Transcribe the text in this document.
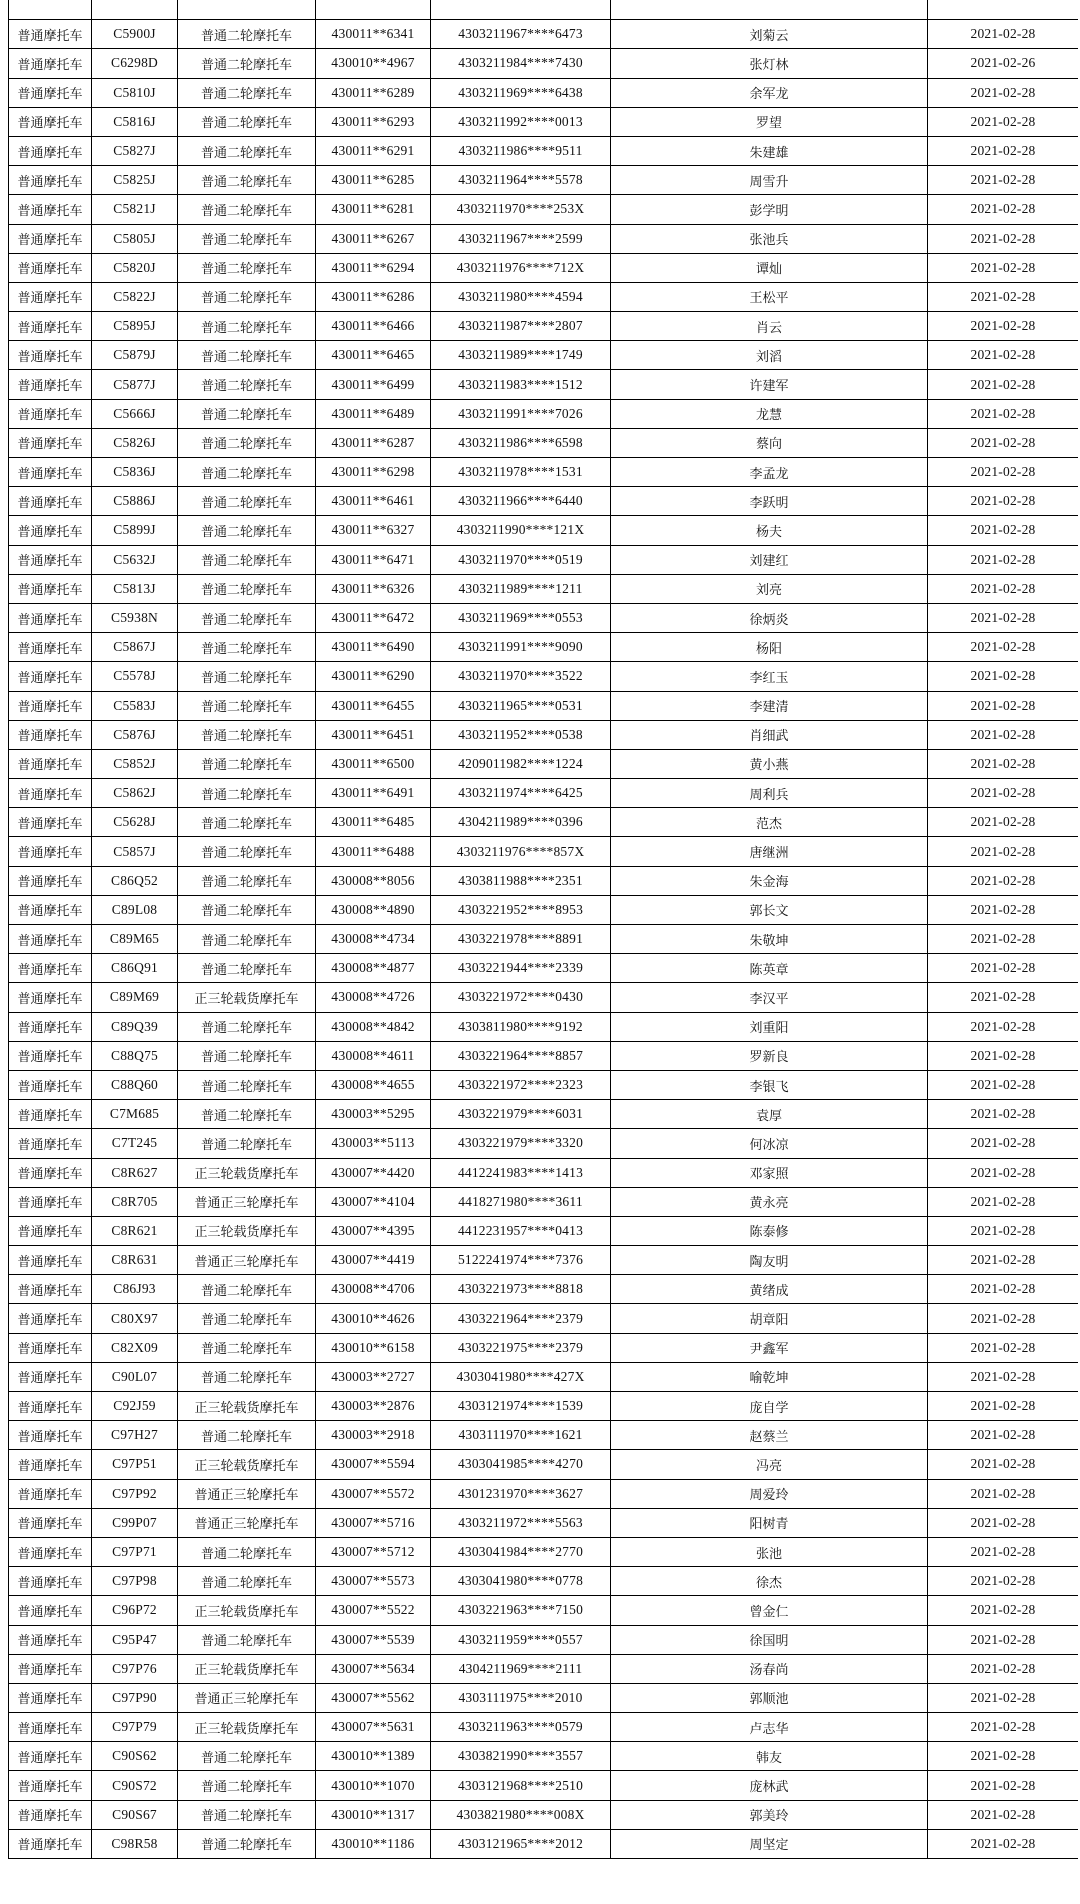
普通摩托车	C5900J	普通二轮摩托车	430011**6341	4303211967****6473	刘菊云	2021-02-28
普通摩托车	C6298D	普通二轮摩托车	430010**4967	4303211984****7430	张灯林	2021-02-26
普通摩托车	C5810J	普通二轮摩托车	430011**6289	4303211969****6438	余军龙	2021-02-28
普通摩托车	C5816J	普通二轮摩托车	430011**6293	4303211992****0013	罗望	2021-02-28
普通摩托车	C5827J	普通二轮摩托车	430011**6291	4303211986****9511	朱建雄	2021-02-28
普通摩托车	C5825J	普通二轮摩托车	430011**6285	4303211964****5578	周雪升	2021-02-28
普通摩托车	C5821J	普通二轮摩托车	430011**6281	4303211970****253X	彭学明	2021-02-28
普通摩托车	C5805J	普通二轮摩托车	430011**6267	4303211967****2599	张池兵	2021-02-28
普通摩托车	C5820J	普通二轮摩托车	430011**6294	4303211976****712X	谭灿	2021-02-28
普通摩托车	C5822J	普通二轮摩托车	430011**6286	4303211980****4594	王松平	2021-02-28
普通摩托车	C5895J	普通二轮摩托车	430011**6466	4303211987****2807	肖云	2021-02-28
普通摩托车	C5879J	普通二轮摩托车	430011**6465	4303211989****1749	刘滔	2021-02-28
普通摩托车	C5877J	普通二轮摩托车	430011**6499	4303211983****1512	许建军	2021-02-28
普通摩托车	C5666J	普通二轮摩托车	430011**6489	4303211991****7026	龙慧	2021-02-28
普通摩托车	C5826J	普通二轮摩托车	430011**6287	4303211986****6598	蔡向	2021-02-28
普通摩托车	C5836J	普通二轮摩托车	430011**6298	4303211978****1531	李孟龙	2021-02-28
普通摩托车	C5886J	普通二轮摩托车	430011**6461	4303211966****6440	李跃明	2021-02-28
普通摩托车	C5899J	普通二轮摩托车	430011**6327	4303211990****121X	杨夫	2021-02-28
普通摩托车	C5632J	普通二轮摩托车	430011**6471	4303211970****0519	刘建红	2021-02-28
普通摩托车	C5813J	普通二轮摩托车	430011**6326	4303211989****1211	刘亮	2021-02-28
普通摩托车	C5938N	普通二轮摩托车	430011**6472	4303211969****0553	徐炳炎	2021-02-28
普通摩托车	C5867J	普通二轮摩托车	430011**6490	4303211991****9090	杨阳	2021-02-28
普通摩托车	C5578J	普通二轮摩托车	430011**6290	4303211970****3522	李红玉	2021-02-28
普通摩托车	C5583J	普通二轮摩托车	430011**6455	4303211965****0531	李建清	2021-02-28
普通摩托车	C5876J	普通二轮摩托车	430011**6451	4303211952****0538	肖细武	2021-02-28
普通摩托车	C5852J	普通二轮摩托车	430011**6500	4209011982****1224	黄小燕	2021-02-28
普通摩托车	C5862J	普通二轮摩托车	430011**6491	4303211974****6425	周利兵	2021-02-28
普通摩托车	C5628J	普通二轮摩托车	430011**6485	4304211989****0396	范杰	2021-02-28
普通摩托车	C5857J	普通二轮摩托车	430011**6488	4303211976****857X	唐继洲	2021-02-28
普通摩托车	C86Q52	普通二轮摩托车	430008**8056	4303811988****2351	朱金海	2021-02-28
普通摩托车	C89L08	普通二轮摩托车	430008**4890	4303221952****8953	郭长文	2021-02-28
普通摩托车	C89M65	普通二轮摩托车	430008**4734	4303221978****8891	朱敬坤	2021-02-28
普通摩托车	C86Q91	普通二轮摩托车	430008**4877	4303221944****2339	陈英章	2021-02-28
普通摩托车	C89M69	正三轮载货摩托车	430008**4726	4303221972****0430	李汉平	2021-02-28
普通摩托车	C89Q39	普通二轮摩托车	430008**4842	4303811980****9192	刘重阳	2021-02-28
普通摩托车	C88Q75	普通二轮摩托车	430008**4611	4303221964****8857	罗新良	2021-02-28
普通摩托车	C88Q60	普通二轮摩托车	430008**4655	4303221972****2323	李银飞	2021-02-28
普通摩托车	C7M685	普通二轮摩托车	430003**5295	4303221979****6031	袁厚	2021-02-28
普通摩托车	C7T245	普通二轮摩托车	430003**5113	4303221979****3320	何冰凉	2021-02-28
普通摩托车	C8R627	正三轮载货摩托车	430007**4420	4412241983****1413	邓家照	2021-02-28
普通摩托车	C8R705	普通正三轮摩托车	430007**4104	4418271980****3611	黄永亮	2021-02-28
普通摩托车	C8R621	正三轮载货摩托车	430007**4395	4412231957****0413	陈泰修	2021-02-28
普通摩托车	C8R631	普通正三轮摩托车	430007**4419	5122241974****7376	陶友明	2021-02-28
普通摩托车	C86J93	普通二轮摩托车	430008**4706	4303221973****8818	黄绪成	2021-02-28
普通摩托车	C80X97	普通二轮摩托车	430010**4626	4303221964****2379	胡章阳	2021-02-28
普通摩托车	C82X09	普通二轮摩托车	430010**6158	4303221975****2379	尹鑫军	2021-02-28
普通摩托车	C90L07	普通二轮摩托车	430003**2727	4303041980****427X	喻乾坤	2021-02-28
普通摩托车	C92J59	正三轮载货摩托车	430003**2876	4303121974****1539	庞自学	2021-02-28
普通摩托车	C97H27	普通二轮摩托车	430003**2918	4303111970****1621	赵蔡兰	2021-02-28
普通摩托车	C97P51	正三轮载货摩托车	430007**5594	4303041985****4270	冯亮	2021-02-28
普通摩托车	C97P92	普通正三轮摩托车	430007**5572	4301231970****3627	周爱玲	2021-02-28
普通摩托车	C99P07	普通正三轮摩托车	430007**5716	4303211972****5563	阳树青	2021-02-28
普通摩托车	C97P71	普通二轮摩托车	430007**5712	4303041984****2770	张池	2021-02-28
普通摩托车	C97P98	普通二轮摩托车	430007**5573	4303041980****0778	徐杰	2021-02-28
普通摩托车	C96P72	正三轮载货摩托车	430007**5522	4303221963****7150	曾金仁	2021-02-28
普通摩托车	C95P47	普通二轮摩托车	430007**5539	4303211959****0557	徐国明	2021-02-28
普通摩托车	C97P76	正三轮载货摩托车	430007**5634	4304211969****2111	汤春尚	2021-02-28
普通摩托车	C97P90	普通正三轮摩托车	430007**5562	4303111975****2010	郭顺池	2021-02-28
普通摩托车	C97P79	正三轮载货摩托车	430007**5631	4303211963****0579	卢志华	2021-02-28
普通摩托车	C90S62	普通二轮摩托车	430010**1389	4303821990****3557	韩友	2021-02-28
普通摩托车	C90S72	普通二轮摩托车	430010**1070	4303121968****2510	庞林武	2021-02-28
普通摩托车	C90S67	普通二轮摩托车	430010**1317	4303821980****008X	郭美玲	2021-02-28
普通摩托车	C98R58	普通二轮摩托车	430010**1186	4303121965****2012	周坚定	2021-02-28
